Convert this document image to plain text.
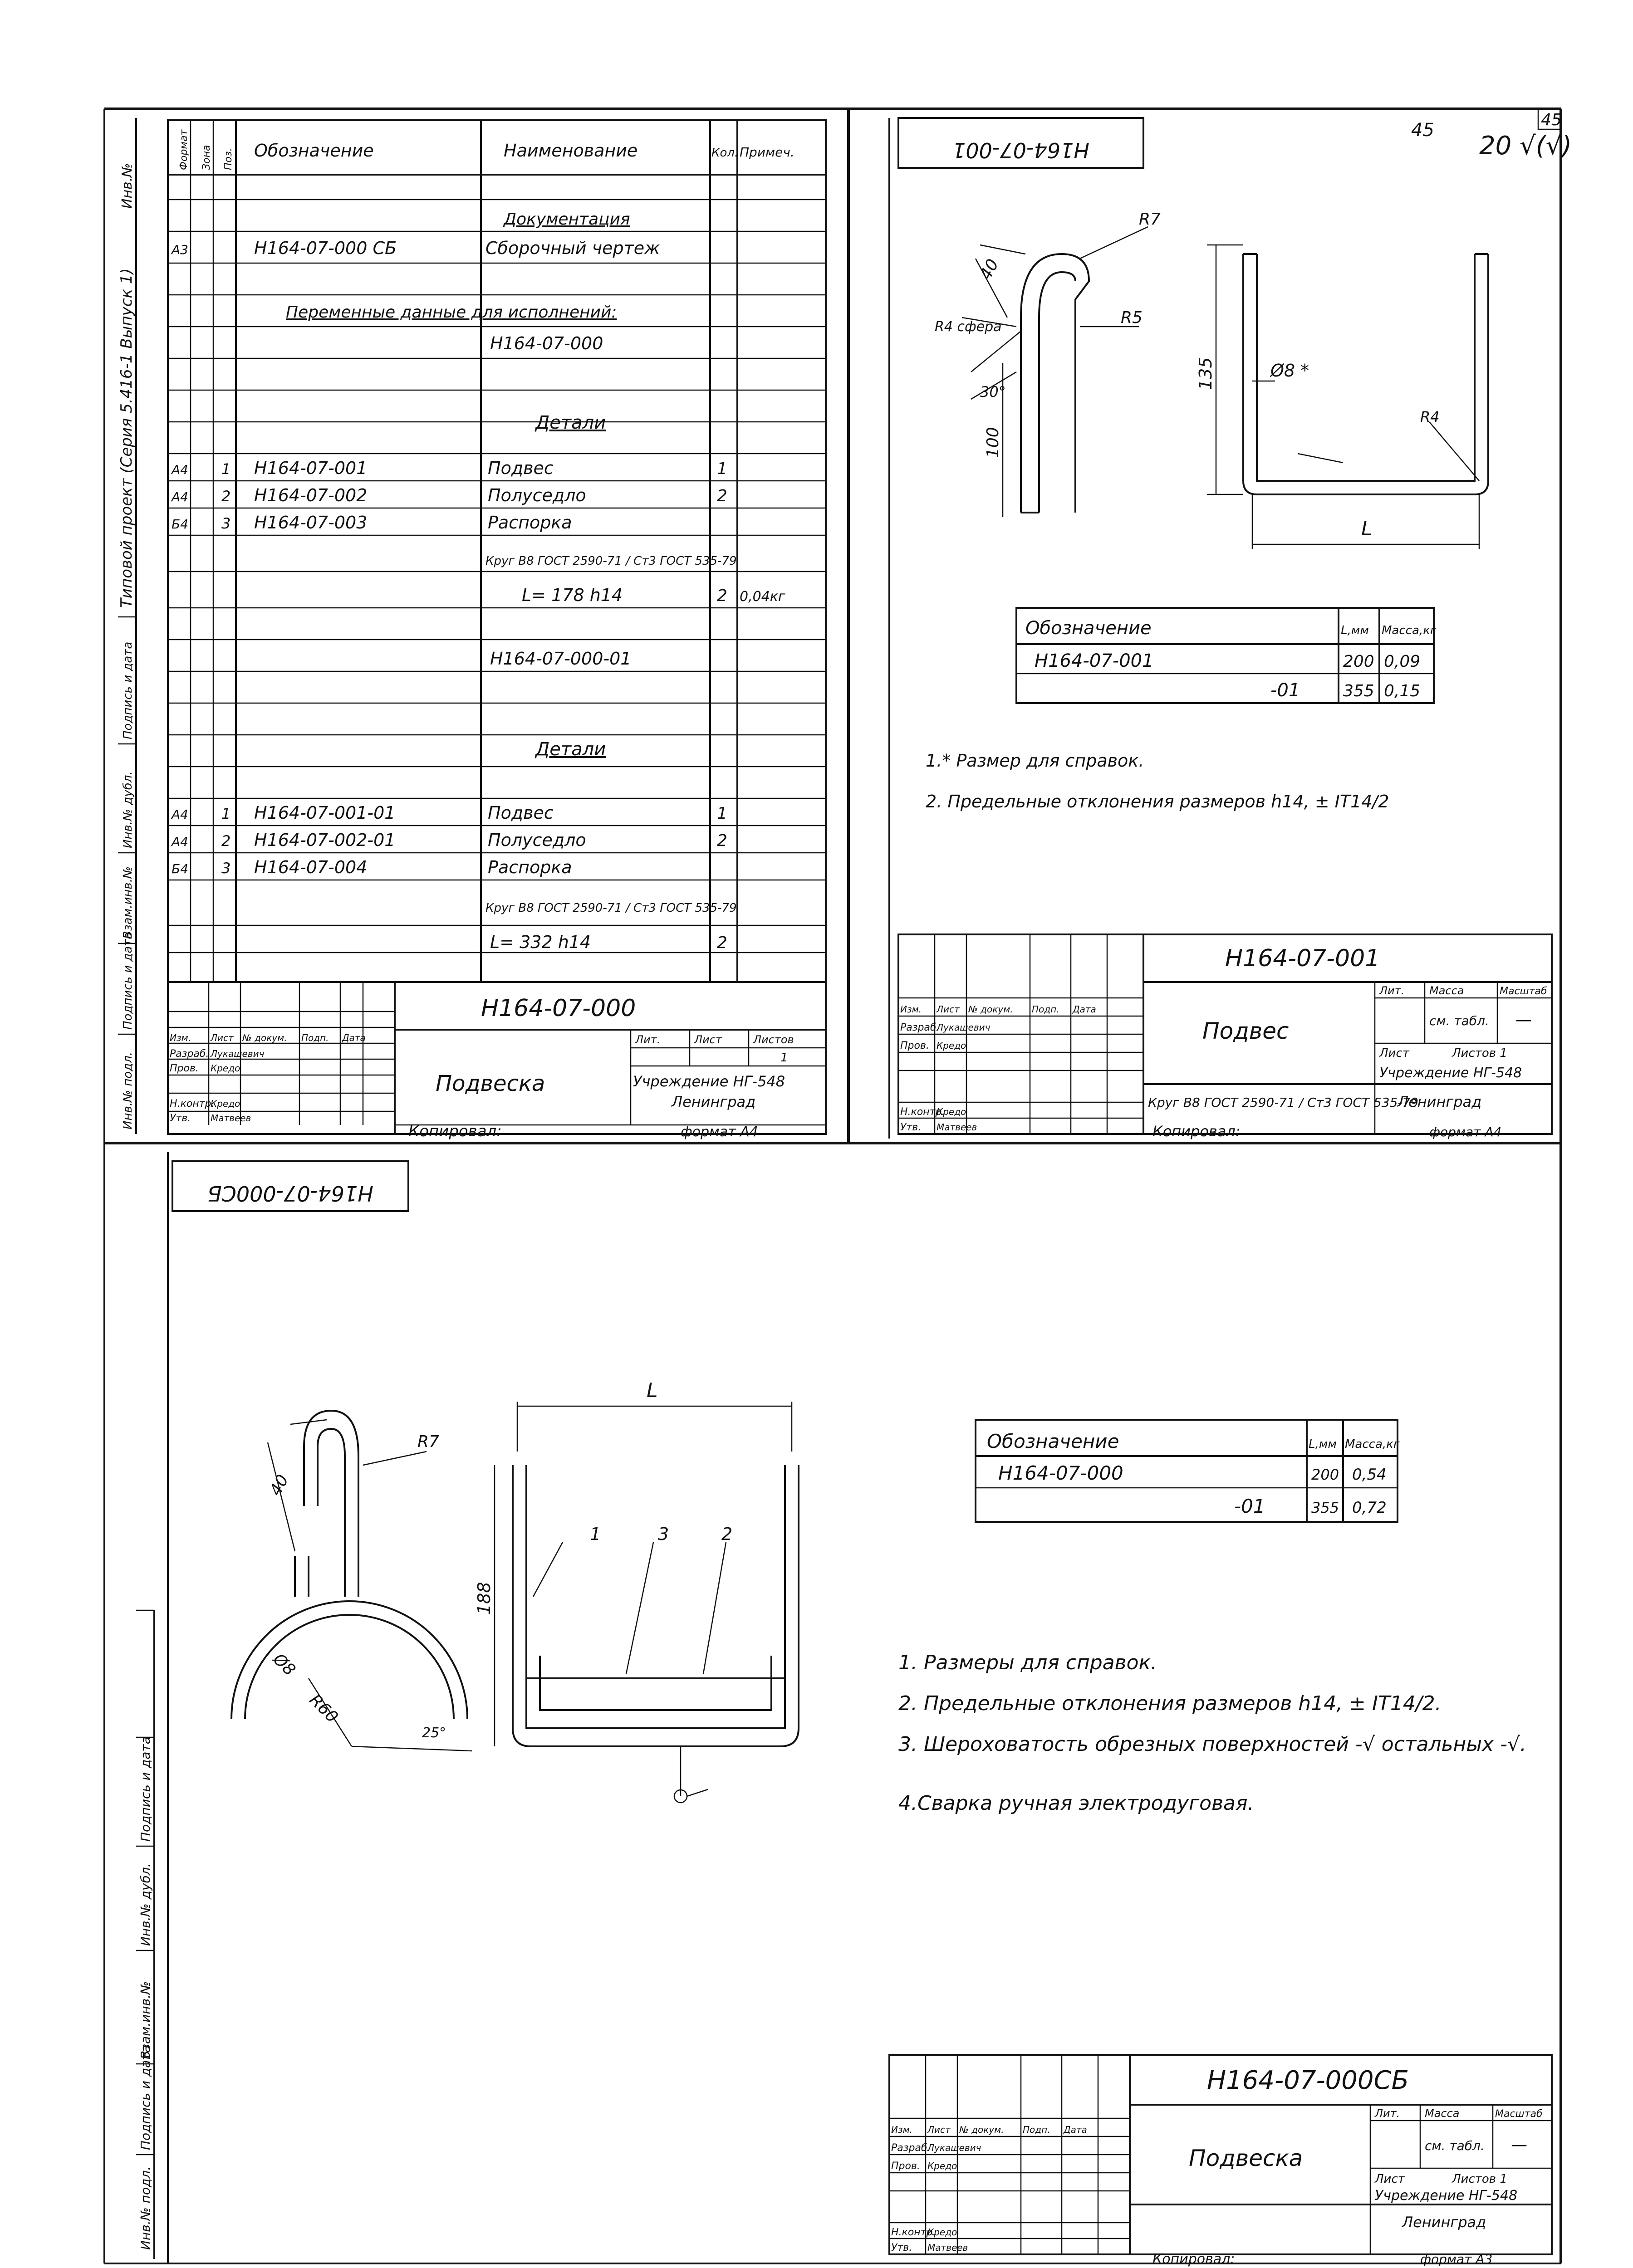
45
Инв.№
Типовой проект (Серия 5.416-1 Выпуск 1)
Инв.№ подл.
Подпись и дата
Взам.инв.№
Инв.№ дубл.
Подпись и дата
Формат Зона Поз. Обозначение	Наименование	Кол. Примеч.
Документация
А3	Н164-07-000 СБ	Сборочный чертеж
Переменные данные для исполнений:
Н164-07-000
Детали
А4 1 Н164-07-001	Подвес	1
А4 2 Н164-07-002	Полуседло	2
Б4 3 Н164-07-003	Распорка
Круг В8 ГОСТ 2590-71 / Ст3 ГОСТ 535-79
L= 178 h14	2 0,04кг
Н164-07-000-01
Детали
А4 1 Н164-07-001-01	Подвес	1
А4 2 Н164-07-002-01	Полуседло	2
Б4 3 Н164-07-004	Распорка
Круг В8 ГОСТ 2590-71 / Ст3 ГОСТ 535-79
L= 332 h14	2
Изм. Лист № докум. Подп. Дата
Разраб. Лукашевич
Пров. Кредо
Н.контр.
Кредо
Утв. Матвеев
Н164-07-000
Подвеска
Лит.	Лист	Листов
1
Учреждение НГ-548
Ленинград
Копировал:	формат А4
Н164-07-001	20 √(√)
45
R7
40
R4 сфера	R5
30°
100
135	Ø8 *
R4
L
Обозначение	L,мм Масса,кг
Н164-07-001	200 0,09
-01	355 0,15
1.* Размер для справок.
2. Предельные отклонения размеров h14, ± IT14/2
Изм. Лист № докум. Подп. Дата
Разраб.
Лукашевич
Пров. Кредо
Н.контр.
Кредо
Утв. Матвеев
Н164-07-001
Подвес
Круг В8 ГОСТ 2590-71 / Ст3 ГОСТ 535-79
Лит. Масса	Масштаб
см. табл. —
Лист	Листов 1
Учреждение НГ-548
Ленинград
Копировал:	формат А4
Н164-07-000СБ
R7
40
Ø8
R60
25°
L
188
1	3	2
Обозначение	L,мм Масса,кг
Н164-07-000	200 0,54
-01	355 0,72
1. Размеры для справок.
2. Предельные отклонения размеров h14, ± IT14/2.
3. Шероховатость обрезных поверхностей -√ остальных -√.
4.Сварка ручная электродуговая.
Инв.№ подл.
Подпись и дата
Взам.инв.№
Инв.№ дубл.
Подпись и дата
Изм. Лист № докум. Подп. Дата
Разраб.
Лукашевич
Пров. Кредо
Н.контр.
Кредо
Утв. Матвеев
Н164-07-000СБ
Подвеска
Лит. Масса	Масштаб
см. табл. —
Лист	Листов 1
Учреждение НГ-548
Ленинград
Копировал:	формат А3
